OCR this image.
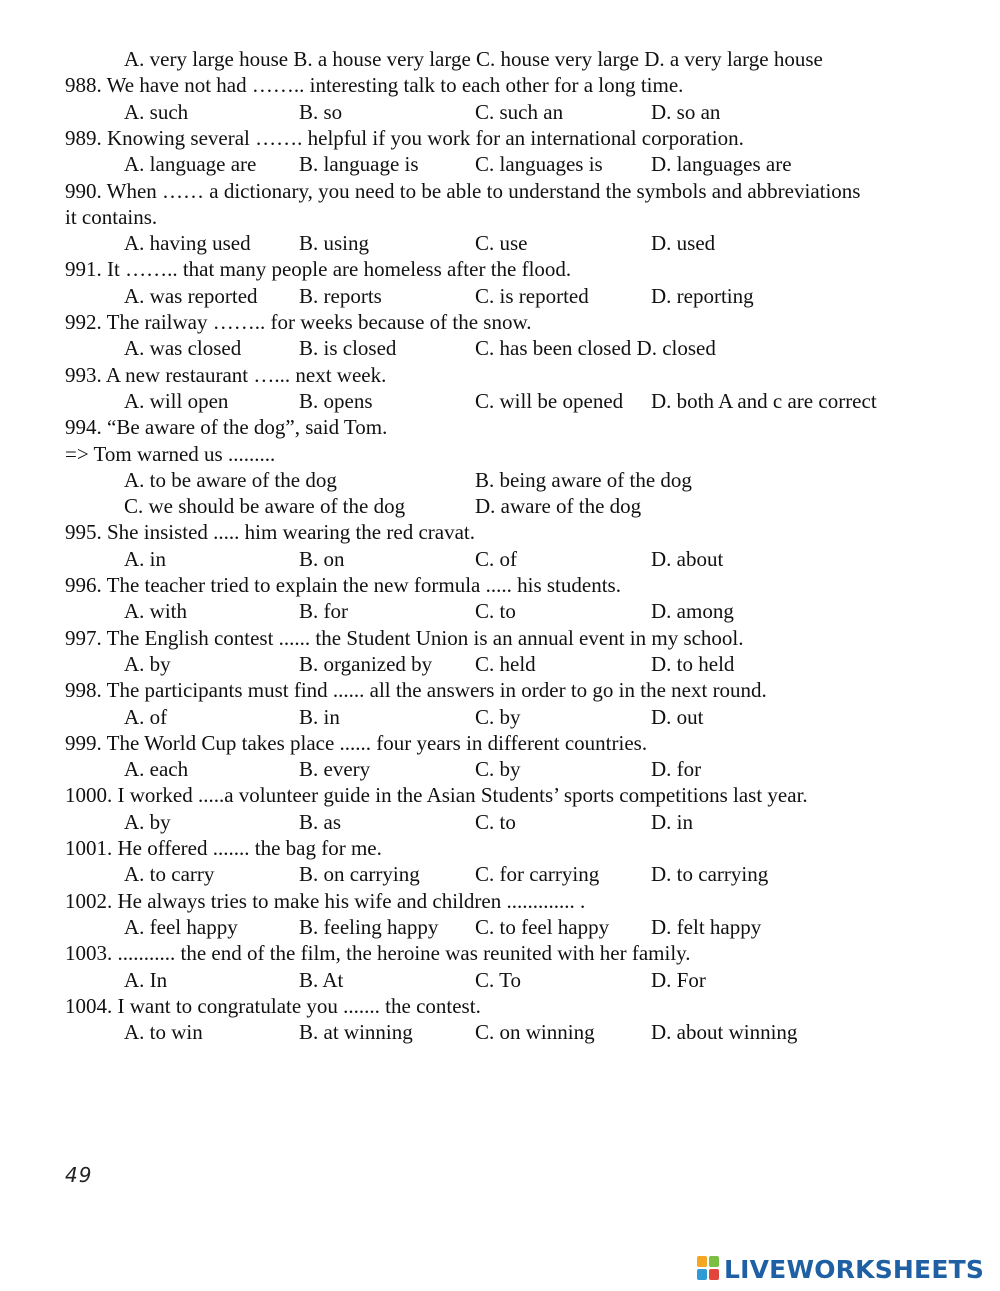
A. very large house B. a house very large C. house very large D. a very large house
988. We have not had …….. interesting talk to each other for a long time.
A. such	B. so	C. such an	D. so an
989. Knowing several ……. helpful if you work for an international corporation.
A. language are B. language is	C. languages is D. languages are
990. When …… a dictionary, you need to be able to understand the symbols and abbreviations
it contains.
A. having used B. using	C. use	D. used
991. It …….. that many people are homeless after the flood.
A. was reported B. reports	C. is reported	D. reporting
992. The railway …….. for weeks because of the snow.
A. was closed	B. is closed	C. has been closed D. closed
993. A new restaurant …... next week.
A. will open	B. opens	C. will be opened D. both A and c are correct
994. “Be aware of the dog”, said Tom.
=> Tom warned us .........
A. to be aware of the dog	B. being aware of the dog
C. we should be aware of the dog	D. aware of the dog
995. She insisted ..... him wearing the red cravat.
A. in	B. on	C. of	D. about
996. The teacher tried to explain the new formula ..... his students.
A. with	B. for	C. to	D. among
997. The English contest ...... the Student Union is an annual event in my school.
A. by	B. organized by C. held	D. to held
998. The participants must find ...... all the answers in order to go in the next round.
A. of	B. in	C. by	D. out
999. The World Cup takes place ...... four years in different countries.
A. each	B. every	C. by	D. for
1000. I worked .....a volunteer guide in the Asian Students’ sports competitions last year.
A. by	B. as	C. to	D. in
1001. He offered ....... the bag for me.
A. to carry	B. on carrying	C. for carrying D. to carrying
1002. He always tries to make his wife and children ............. .
A. feel happy	B. feeling happy C. to feel happy D. felt happy
1003. ........... the end of the film, the heroine was reunited with her family.
A. In	B. At	C. To	D. For
1004. I want to congratulate you ....... the contest.
A. to win	B. at winning	C. on winning	D. about winning
49
LIVEWORKSHEETS
